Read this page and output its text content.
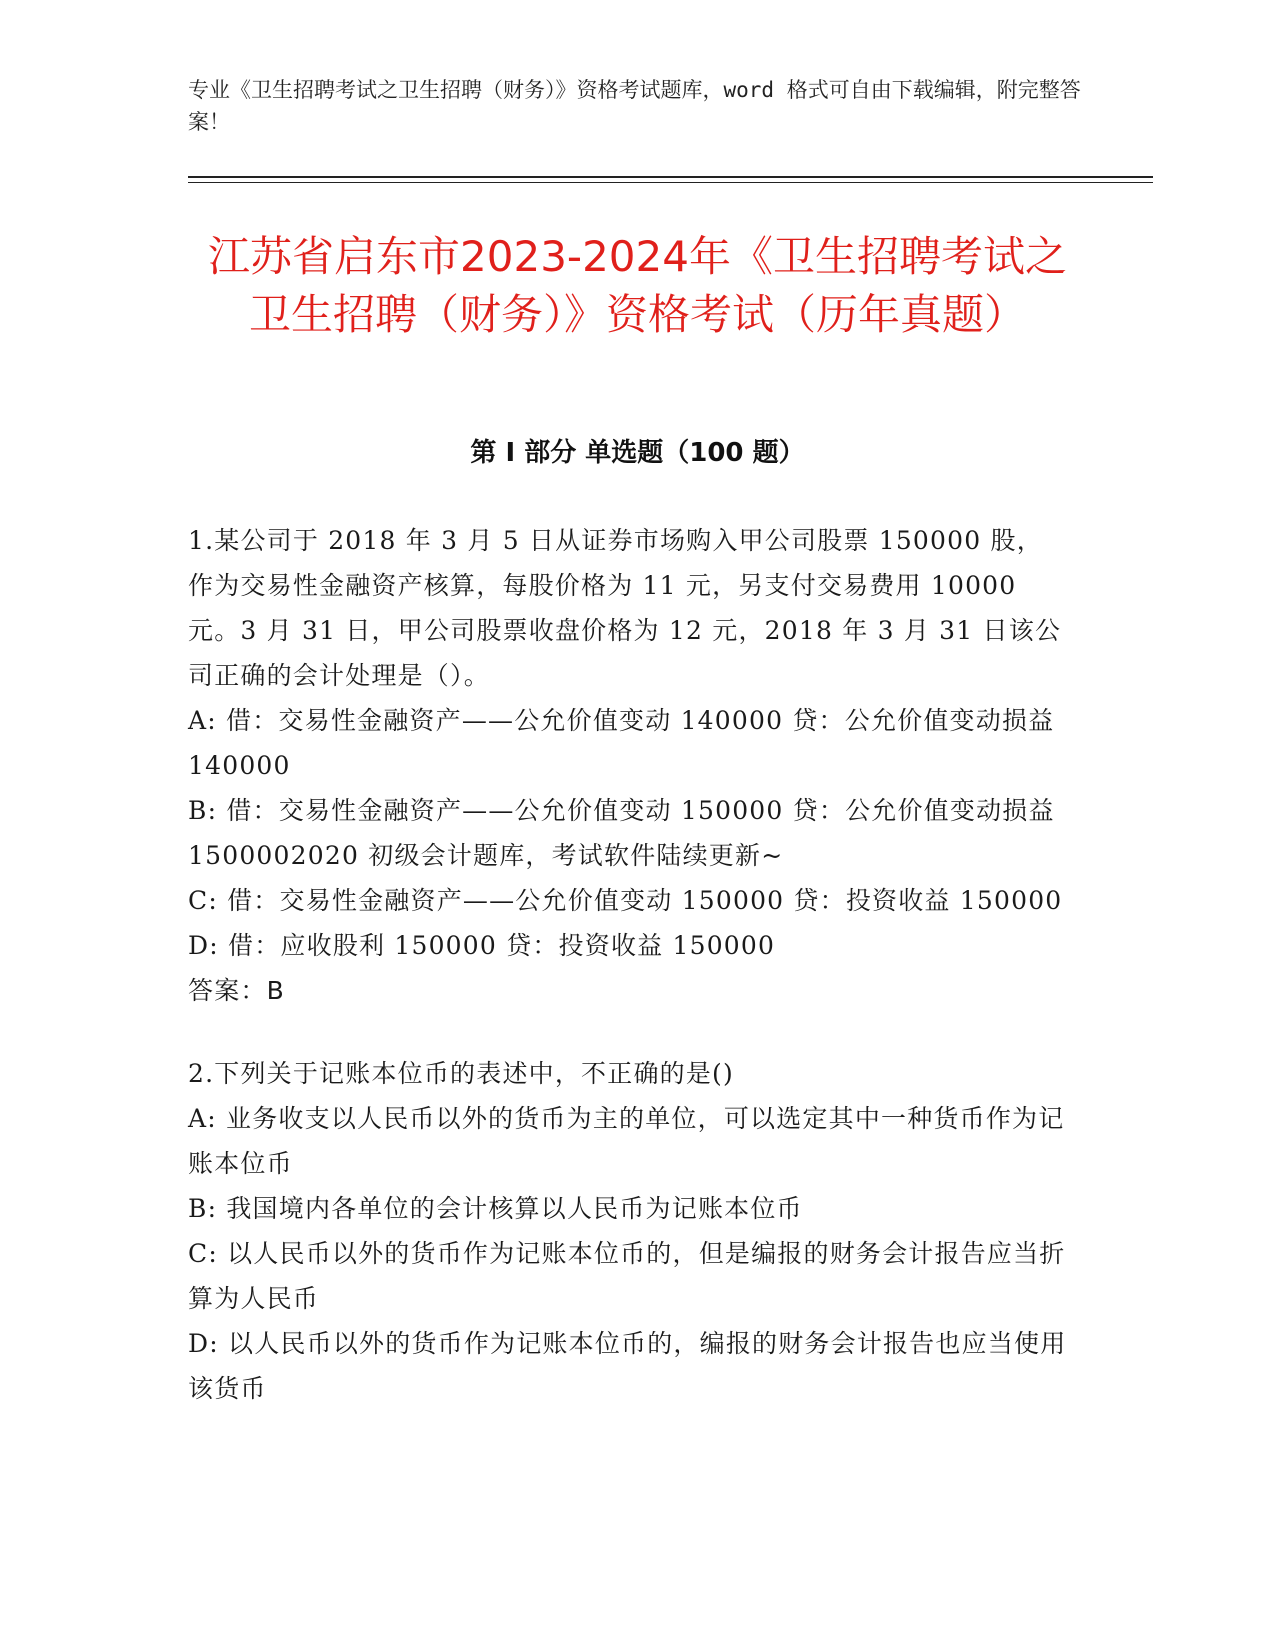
专业《卫生招聘考试之卫生招聘（财务）》资格考试题库，word 格式可自由下载编辑，附完整答案！
江苏省启东市2023-2024年《卫生招聘考试之卫生招聘（财务）》资格考试（历年真题）
第 I 部分 单选题（100 题）

1.某公司于 2018 年 3 月 5 日从证券市场购入甲公司股票 150000 股，作为交易性金融资产核算，每股价格为 11 元，另支付交易费用 10000 元。3 月 31 日，甲公司股票收盘价格为 12 元，2018 年 3 月 31 日该公司正确的会计处理是（）。

A: 借：交易性金融资产——公允价值变动 140000 贷：公允价值变动损益 140000

B: 借：交易性金融资产——公允价值变动 150000 贷：公允价值变动损益 1500002020 初级会计题库，考试软件陆续更新~

C: 借：交易性金融资产——公允价值变动 150000 贷：投资收益 150000

D: 借：应收股利 150000 贷：投资收益 150000

答案：B

2.下列关于记账本位币的表述中，不正确的是()

A: 业务收支以人民币以外的货币为主的单位，可以选定其中一种货币作为记账本位币

B: 我国境内各单位的会计核算以人民币为记账本位币

C: 以人民币以外的货币作为记账本位币的，但是编报的财务会计报告应当折算为人民币

D: 以人民币以外的货币作为记账本位币的，编报的财务会计报告也应当使用该货币
